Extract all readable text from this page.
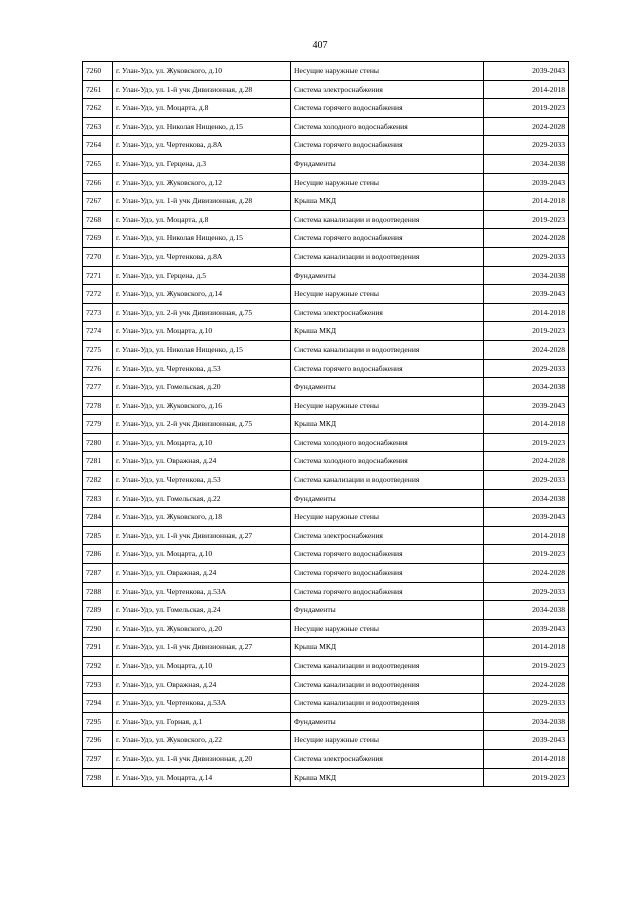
407
7260	г. Улан-Удэ, ул. Жуковского, д.10	Несущие наружные стены	2039-2043
7261	г. Улан-Удэ, ул. 1-й учк Дивизионная, д.28	Система электроснабжения	2014-2018
7262	г. Улан-Удэ, ул. Моцарта, д.8	Система горячего водоснабжения	2019-2023
7263	г. Улан-Удэ, ул. Николая Нищенко, д.15	Система холодного водоснабжения	2024-2028
7264	г. Улан-Удэ, ул. Чертенкова, д.8А	Система горячего водоснабжения	2029-2033
7265	г. Улан-Удэ, ул. Герцена, д.3	Фундаменты	2034-2038
7266	г. Улан-Удэ, ул. Жуковского, д.12	Несущие наружные стены	2039-2043
7267	г. Улан-Удэ, ул. 1-й учк Дивизионная, д.28	Крыша МКД	2014-2018
7268	г. Улан-Удэ, ул. Моцарта, д.8	Система канализации и водоотведения	2019-2023
7269	г. Улан-Удэ, ул. Николая Нищенко, д.15	Система горячего водоснабжения	2024-2028
7270	г. Улан-Удэ, ул. Чертенкова, д.8А	Система канализации и водоотведения	2029-2033
7271	г. Улан-Удэ, ул. Герцена, д.5	Фундаменты	2034-2038
7272	г. Улан-Удэ, ул. Жуковского, д.14	Несущие наружные стены	2039-2043
7273	г. Улан-Удэ, ул. 2-й учк Дивизионная, д.75	Система электроснабжения	2014-2018
7274	г. Улан-Удэ, ул. Моцарта, д.10	Крыша МКД	2019-2023
7275	г. Улан-Удэ, ул. Николая Нищенко, д.15	Система канализации и водоотведения	2024-2028
7276	г. Улан-Удэ, ул. Чертенкова, д.53	Система горячего водоснабжения	2029-2033
7277	г. Улан-Удэ, ул. Гомельская, д.20	Фундаменты	2034-2038
7278	г. Улан-Удэ, ул. Жуковского, д.16	Несущие наружные стены	2039-2043
7279	г. Улан-Удэ, ул. 2-й учк Дивизионная, д.75	Крыша МКД	2014-2018
7280	г. Улан-Удэ, ул. Моцарта, д.10	Система холодного водоснабжения	2019-2023
7281	г. Улан-Удэ, ул. Овражная, д.24	Система холодного водоснабжения	2024-2028
7282	г. Улан-Удэ, ул. Чертенкова, д.53	Система канализации и водоотведения	2029-2033
7283	г. Улан-Удэ, ул. Гомельская, д.22	Фундаменты	2034-2038
7284	г. Улан-Удэ, ул. Жуковского, д.18	Несущие наружные стены	2039-2043
7285	г. Улан-Удэ, ул. 1-й учк Дивизионная, д.27	Система электроснабжения	2014-2018
7286	г. Улан-Удэ, ул. Моцарта, д.10	Система горячего водоснабжения	2019-2023
7287	г. Улан-Удэ, ул. Овражная, д.24	Система горячего водоснабжения	2024-2028
7288	г. Улан-Удэ, ул. Чертенкова, д.53А	Система горячего водоснабжения	2029-2033
7289	г. Улан-Удэ, ул. Гомельская, д.24	Фундаменты	2034-2038
7290	г. Улан-Удэ, ул. Жуковского, д.20	Несущие наружные стены	2039-2043
7291	г. Улан-Удэ, ул. 1-й учк Дивизионная, д.27	Крыша МКД	2014-2018
7292	г. Улан-Удэ, ул. Моцарта, д.10	Система канализации и водоотведения	2019-2023
7293	г. Улан-Удэ, ул. Овражная, д.24	Система канализации и водоотведения	2024-2028
7294	г. Улан-Удэ, ул. Чертенкова, д.53А	Система канализации и водоотведения	2029-2033
7295	г. Улан-Удэ, ул. Горная, д.1	Фундаменты	2034-2038
7296	г. Улан-Удэ, ул. Жуковского, д.22	Несущие наружные стены	2039-2043
7297	г. Улан-Удэ, ул. 1-й учк Дивизионная, д.20	Система электроснабжения	2014-2018
7298	г. Улан-Удэ, ул. Моцарта, д.14	Крыша МКД	2019-2023
